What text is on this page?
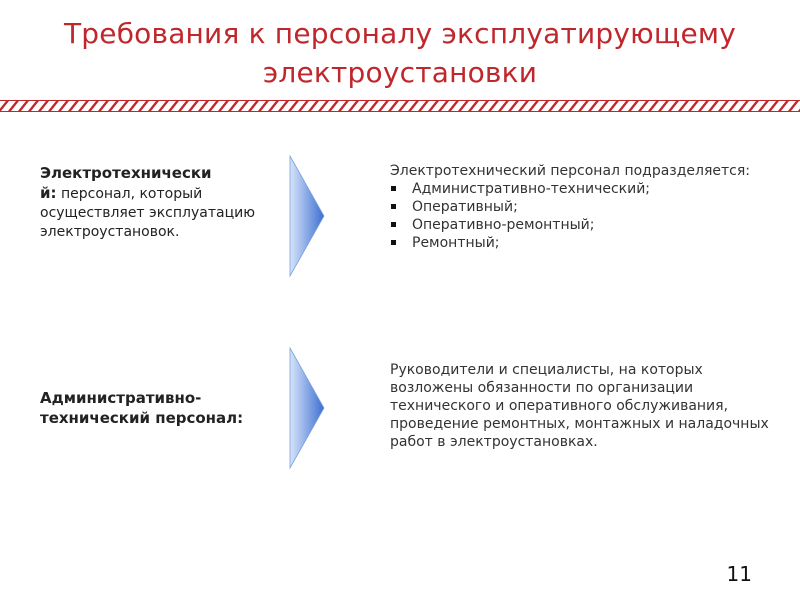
Требования к персоналу эксплуатирующему
электроустановки
Электротехнически
й: персонал, который осуществляет эксплуатацию электроустановок.
Электротехнический персонал подразделяется:
Административно-технический;
Оперативный;
Оперативно-ремонтный;
Ремонтный;
Административно-технический персонал:
Руководители и специалисты, на которых возложены обязанности по организации технического и оперативного обслуживания, проведение ремонтных, монтажных и наладочных работ в электроустановках.
11
